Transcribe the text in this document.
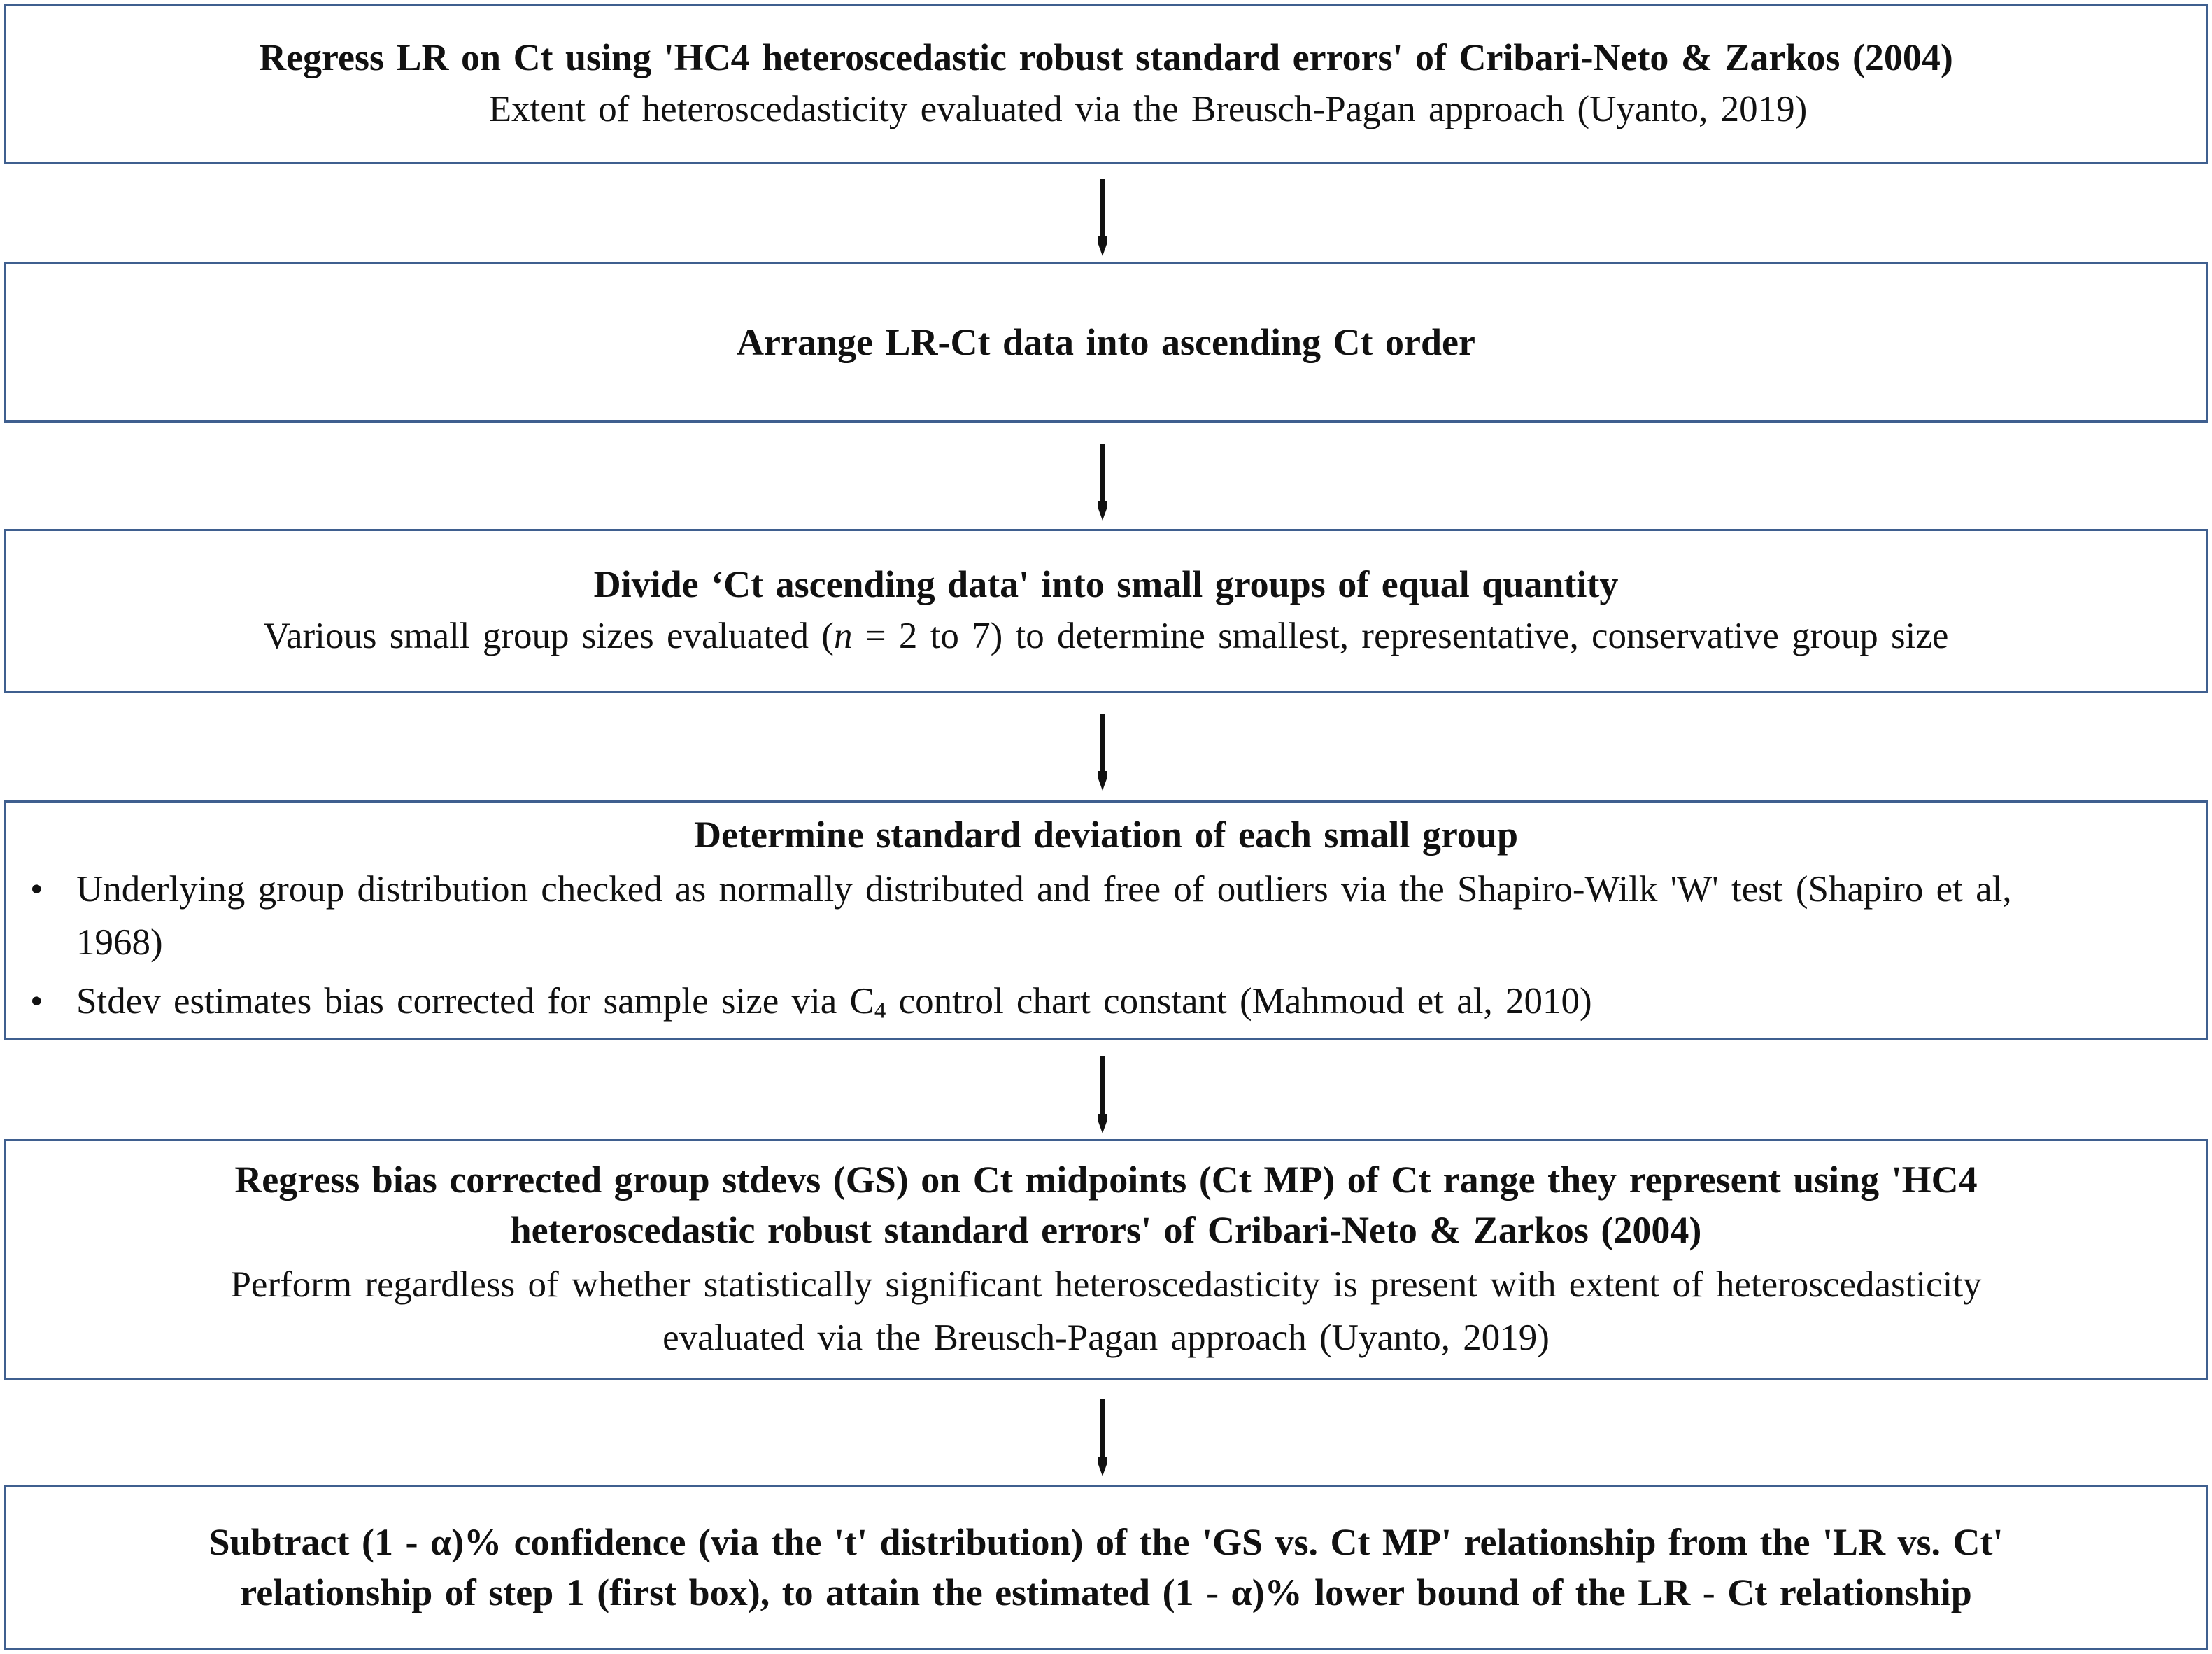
Regress LR on Ct using 'HC4 heteroscedastic robust standard errors' of Cribari-Neto & Zarkos (2004)
Extent of heteroscedasticity evaluated via the Breusch-Pagan approach (Uyanto, 2019)
Arrange LR-Ct data into ascending Ct order
Divide ‘Ct ascending data' into small groups of equal quantity
Various small group sizes evaluated (n = 2 to 7) to determine smallest, representative, conservative group size
Determine standard deviation of each small group
• Underlying group distribution checked as normally distributed and free of outliers via the Shapiro-Wilk 'W' test (Shapiro et al, 1968)
• Stdev estimates bias corrected for sample size via $C_4$ control chart constant (Mahmoud et al, 2010)
Regress bias corrected group stdevs (GS) on Ct midpoints (Ct MP) of Ct range they represent using 'HC4
heteroscedastic robust standard errors' of Cribari-Neto & Zarkos (2004)
Perform regardless of whether statistically significant heteroscedasticity is present with extent of heteroscedasticity
evaluated via the Breusch-Pagan approach (Uyanto, 2019)
Subtract (1 - α)% confidence (via the 't' distribution) of the 'GS vs. Ct MP' relationship from the 'LR vs. Ct'
relationship of step 1 (first box), to attain the estimated (1 - α)% lower bound of the LR - Ct relationship
